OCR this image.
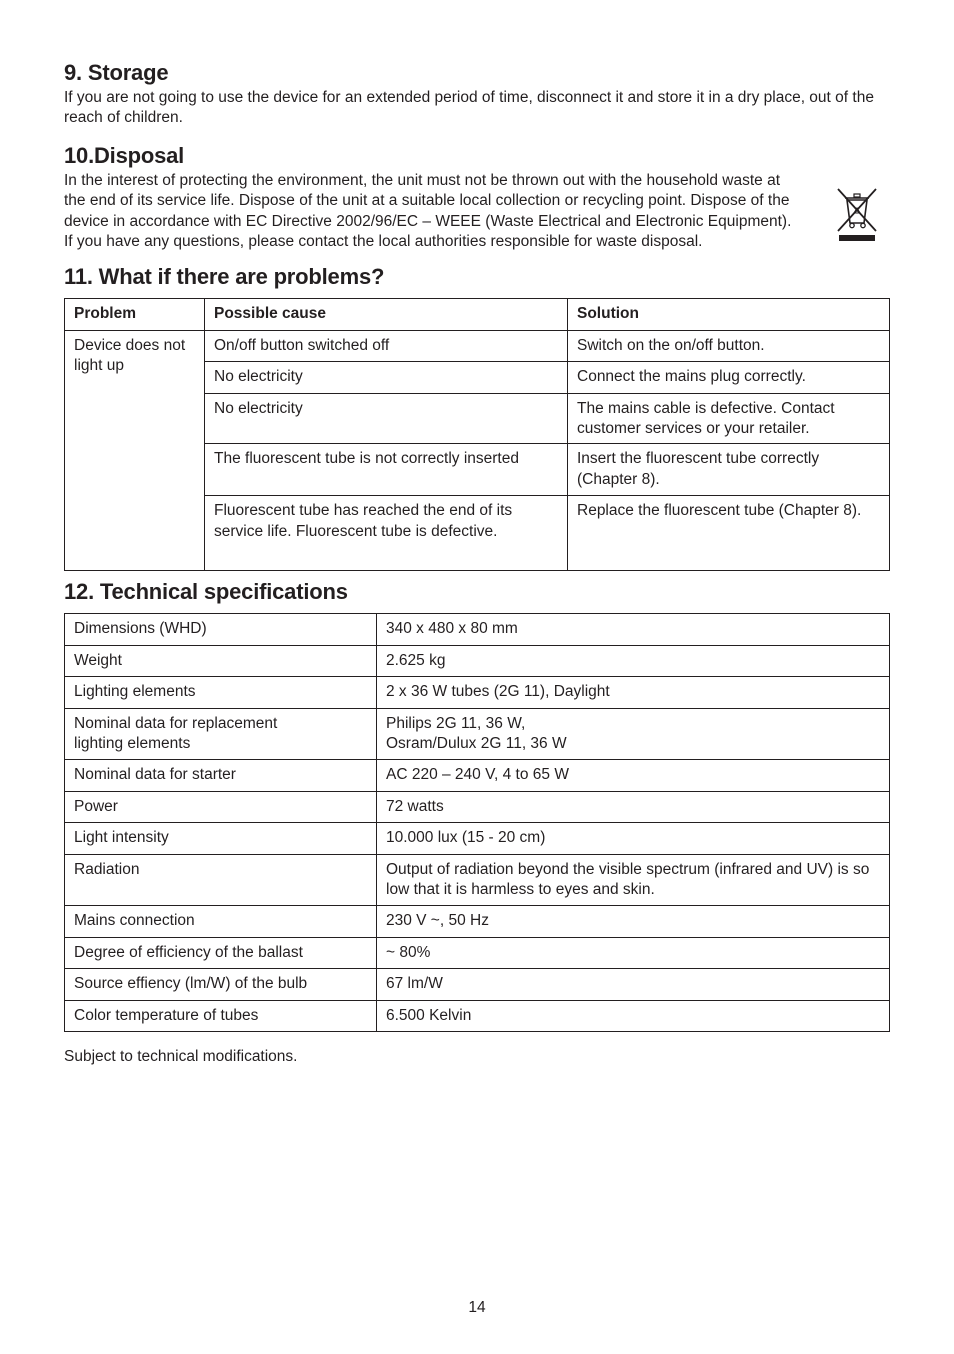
9. Storage

If you are not going to use the device for an extended period of time, disconnect it and store it in a dry place, out of the reach of children.

10.Disposal

In the interest of protecting the environment, the unit must not be thrown out with the household waste at the end of its service life. Dispose of the unit at a suitable local collection or recycling point. Dispose of the device in accordance with EC Directive 2002/96/EC – WEEE (Waste Electrical and Electronic Equipment). If you have any questions, please contact the local authorities responsible for waste disposal.

11. What if there are problems?
Problem	Possible cause	Solution
Device does not light up	On/off button switched off	Switch on the on/off button.
	No electricity	Connect the mains plug correctly.
	No electricity	The mains cable is defective. Contact customer services or your retailer.
	The fluorescent tube is not correctly inserted	Insert the fluorescent tube correctly (Chapter 8).
	Fluorescent tube has reached the end of its service life. Fluorescent tube is defective.	Replace the fluorescent tube (Chapter 8).
12. Technical specifications
Dimensions (WHD)	340 x 480 x 80 mm
Weight	2.625 kg
Lighting elements	2 x 36 W tubes (2G 11), Daylight
Nominal data for replacement lighting elements	Philips 2G 11, 36 W,
Osram/Dulux 2G 11, 36 W
Nominal data for starter	AC 220 – 240 V, 4 to 65 W
Power	72 watts
Light intensity	10.000 lux (15 - 20 cm)
Radiation	Output of radiation beyond the visible spectrum (infrared and UV) is so low that it is harmless to eyes and skin.
Mains connection	230 V ~, 50 Hz
Degree of efficiency of the ballast	~ 80%
Source effiency (lm/W) of the bulb	67 lm/W
Color temperature of tubes	6.500 Kelvin

Subject to technical modifications.

14
